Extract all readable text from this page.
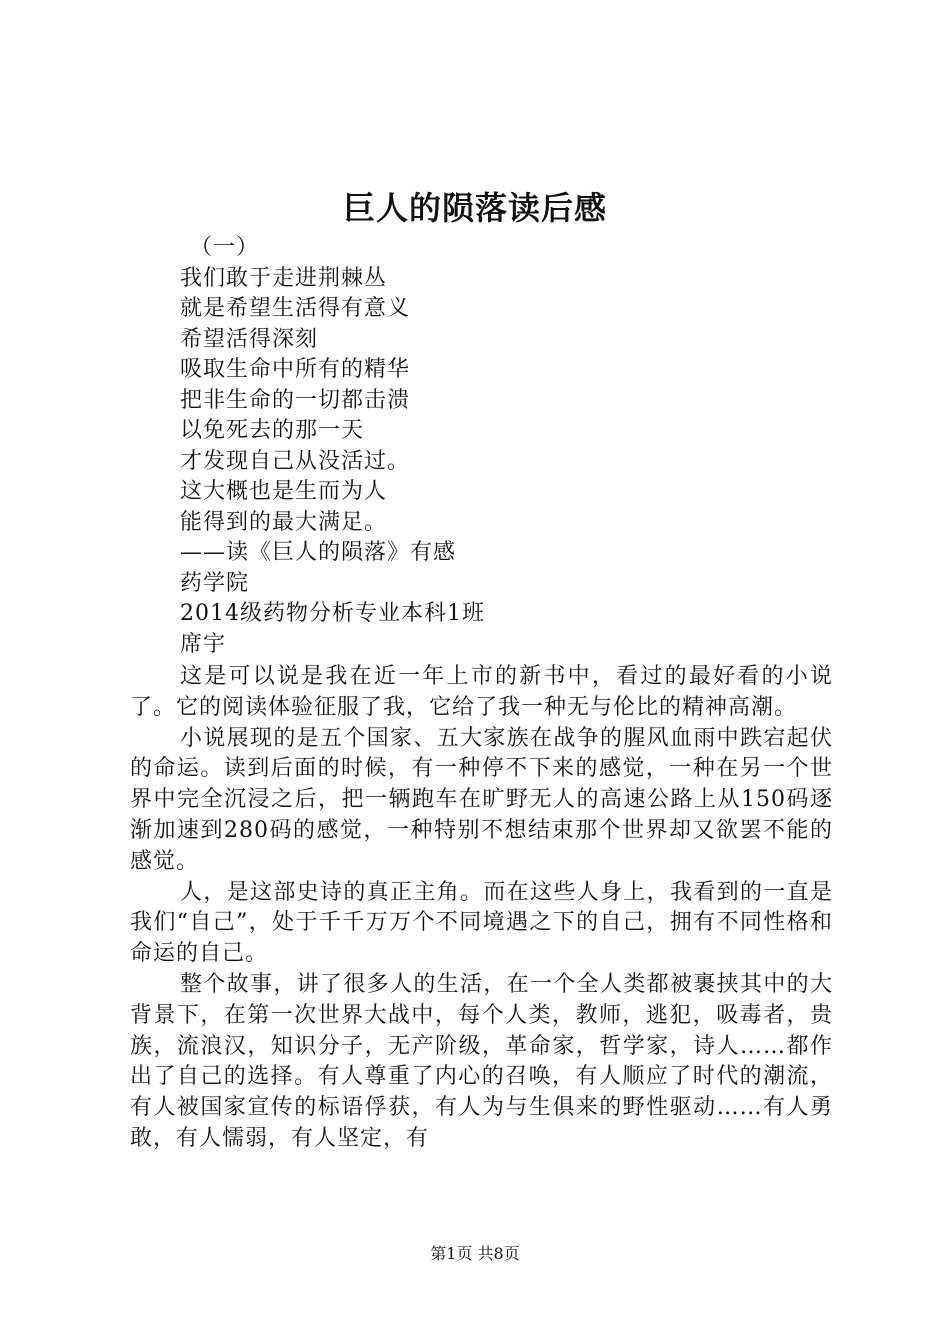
巨人的陨落读后感
（一）
我们敢于走进荆棘丛
就是希望生活得有意义
希望活得深刻
吸取生命中所有的精华
把非生命的一切都击溃
以免死去的那一天
才发现自己从没活过。
这大概也是生而为人
能得到的最大满足。
——读《巨人的陨落》有感
药学院
2014级药物分析专业本科1班
席宇

这是可以说是我在近一年上市的新书中，看过的最好看的小说了。它的阅读体验征服了我，它给了我一种无与伦比的精神高潮。

小说展现的是五个国家、五大家族在战争的腥风血雨中跌宕起伏的命运。读到后面的时候，有一种停不下来的感觉，一种在另一个世界中完全沉浸之后，把一辆跑车在旷野无人的高速公路上从150码逐渐加速到280码的感觉，一种特别不想结束那个世界却又欲罢不能的感觉。

人，是这部史诗的真正主角。而在这些人身上，我看到的一直是我们“自己”，处于千千万万个不同境遇之下的自己，拥有不同性格和命运的自己。

整个故事，讲了很多人的生活，在一个全人类都被裹挟其中的大背景下，在第一次世界大战中，每个人类，教师，逃犯，吸毒者，贵族，流浪汉，知识分子，无产阶级，革命家，哲学家，诗人……都作出了自己的选择。有人尊重了内心的召唤，有人顺应了时代的潮流，有人被国家宣传的标语俘获，有人为与生俱来的野性驱动……有人勇敢，有人懦弱，有人坚定，有

第1页 共8页
